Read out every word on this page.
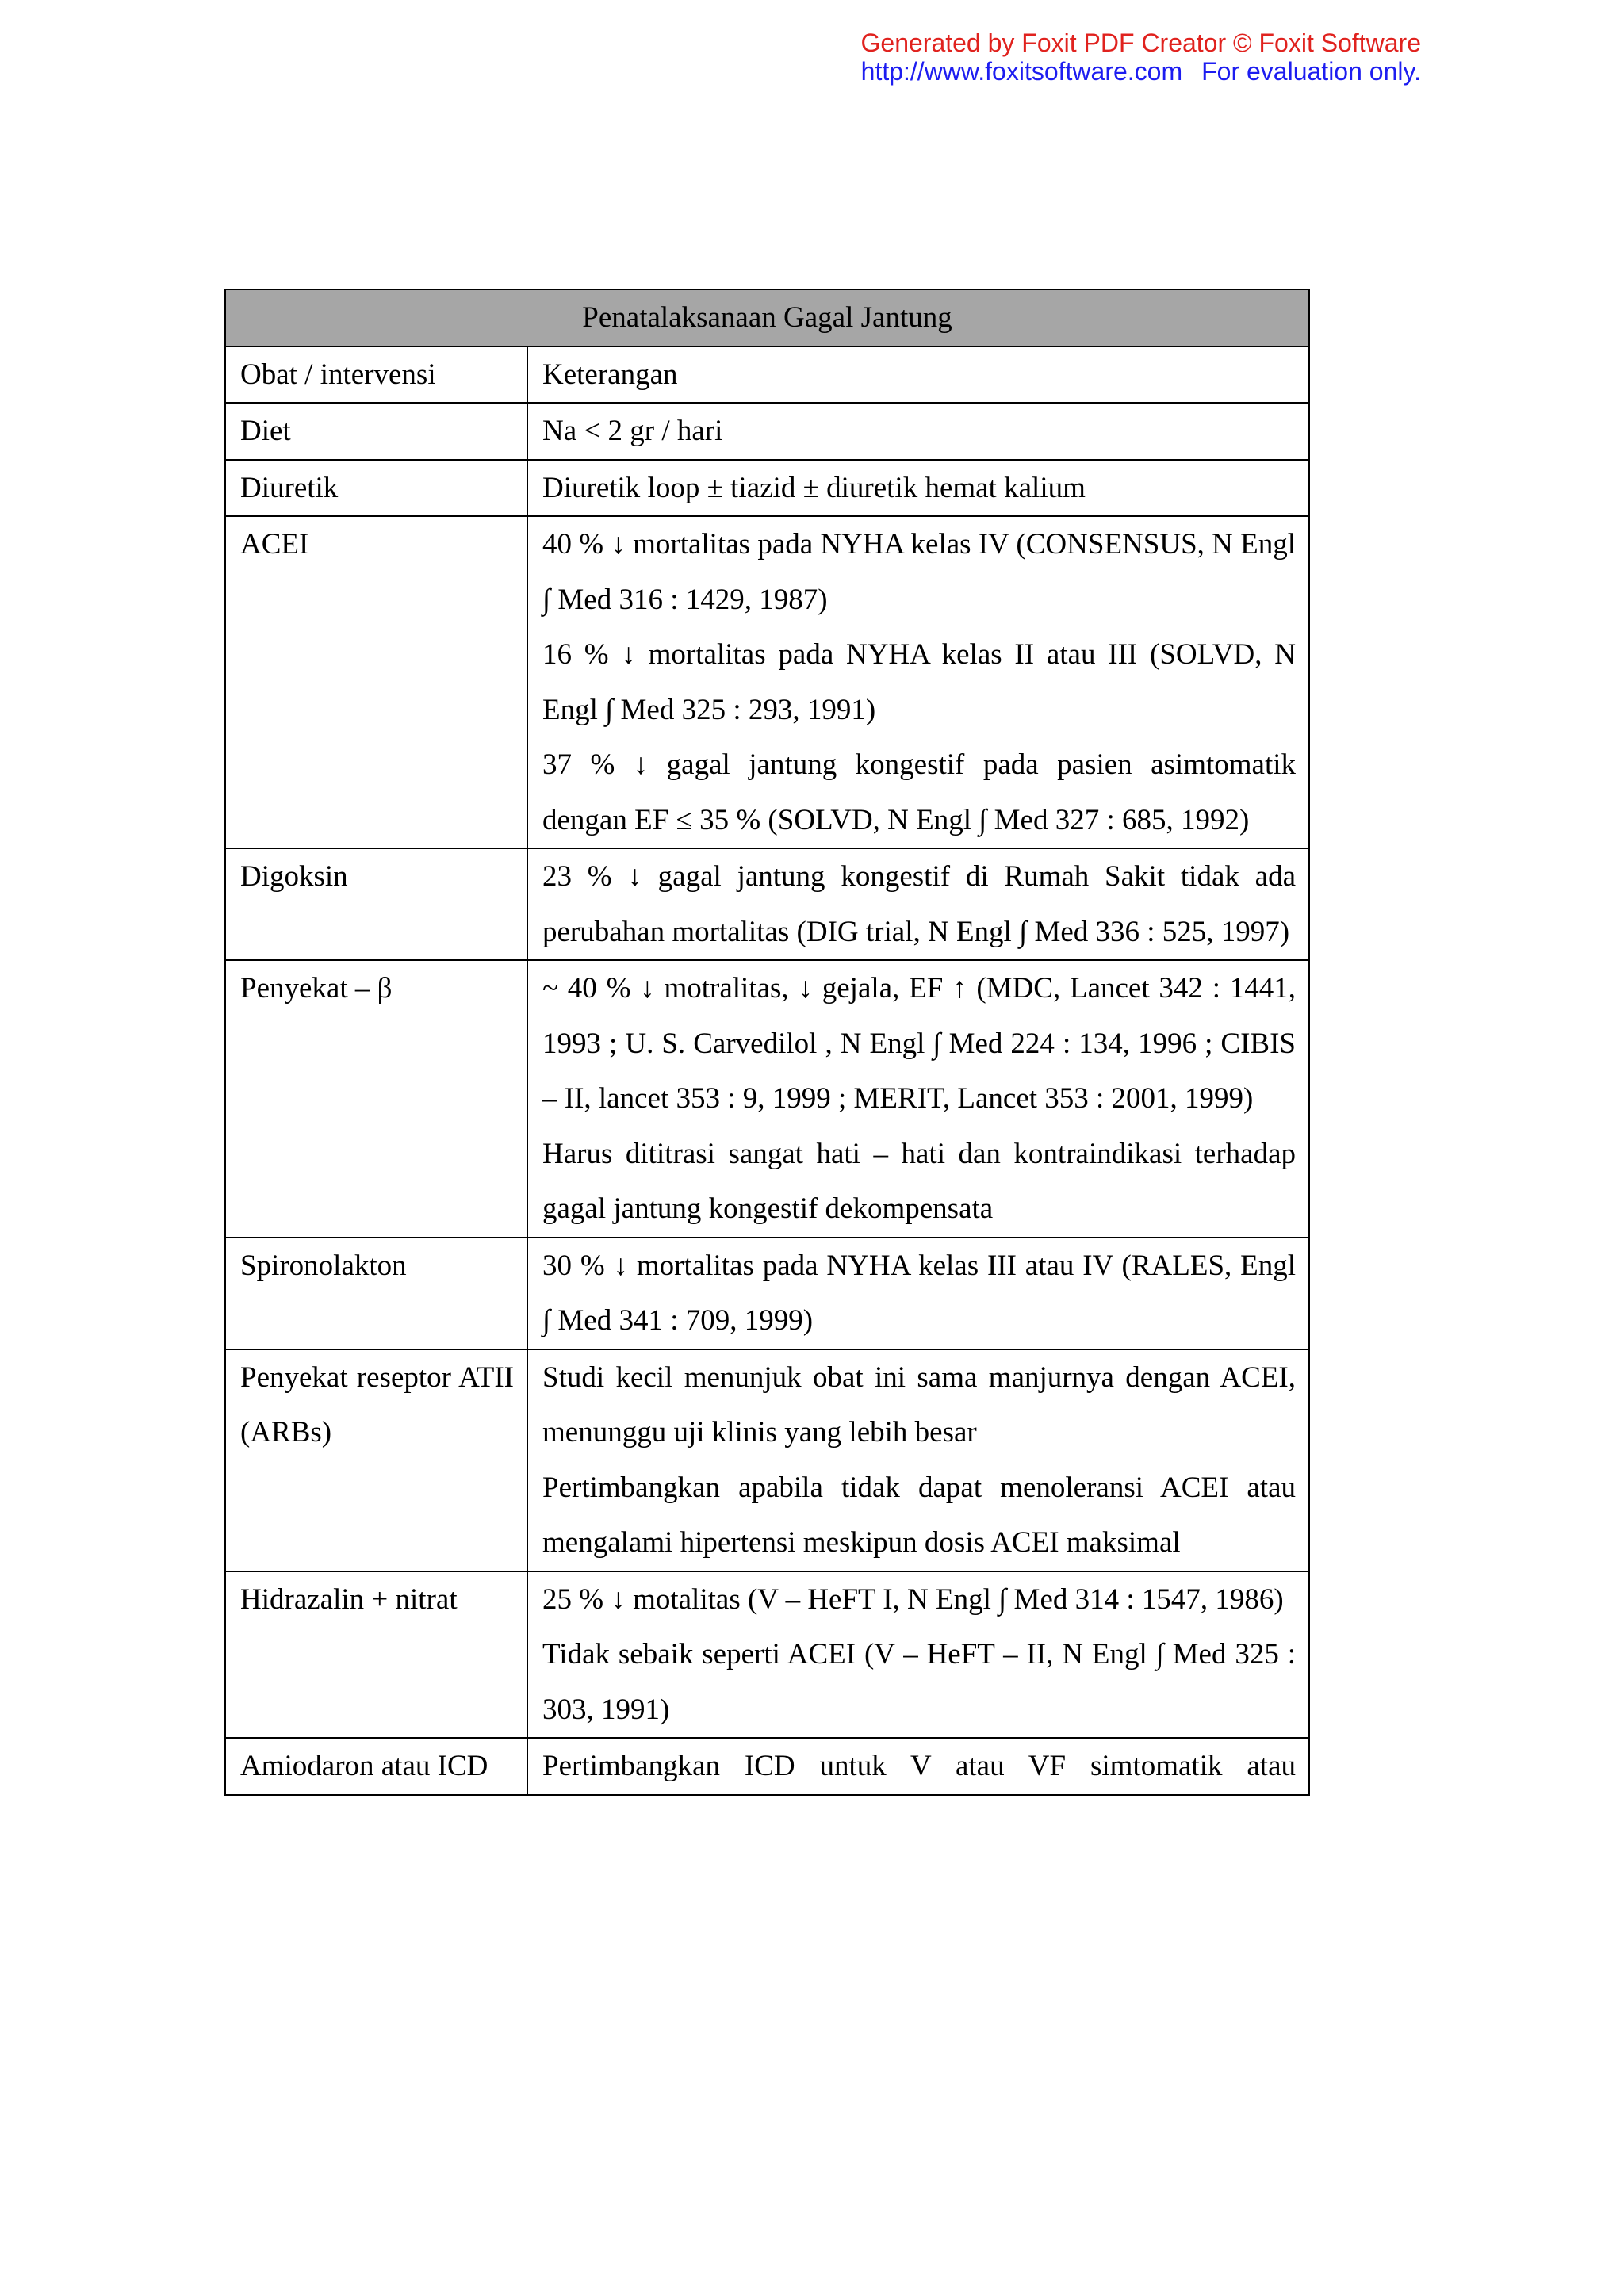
Generated by Foxit PDF Creator © Foxit Software
http://www.foxitsoftware.com For evaluation only.
Penatalaksanaan Gagal Jantung	
Obat / intervensi	Keterangan

Diet	Na < 2 gr / hari

Diuretik	Diuretik loop ± tiazid ± diuretik hemat kalium

ACEI	40 % ↓ mortalitas pada NYHA kelas IV (CONSENSUS, N Engl ∫ Med 316 : 1429, 1987)
16 % ↓ mortalitas pada NYHA kelas II atau III (SOLVD, N Engl ∫ Med 325 : 293, 1991)
37 % ↓ gagal jantung kongestif pada pasien asimtomatik dengan EF ≤ 35 % (SOLVD, N Engl ∫ Med 327 : 685, 1992)

Digoksin	23 % ↓ gagal jantung kongestif di Rumah Sakit tidak ada perubahan mortalitas (DIG trial, N Engl ∫ Med 336 : 525, 1997)

Penyekat – β	~ 40 % ↓ motralitas, ↓ gejala, EF ↑ (MDC, Lancet 342 : 1441, 1993 ; U. S. Carvedilol , N Engl ∫ Med 224 : 134, 1996 ; CIBIS – II, lancet 353 : 9, 1999 ; MERIT, Lancet 353 : 2001, 1999)
Harus dititrasi sangat hati – hati dan kontraindikasi terhadap gagal jantung kongestif dekompensata

Spironolakton	30 % ↓ mortalitas pada NYHA kelas III atau IV (RALES, Engl ∫ Med 341 : 709, 1999)

Penyekat reseptor ATII (ARBs)	Studi kecil menunjuk obat ini sama manjurnya dengan ACEI, menunggu uji klinis yang lebih besar
Pertimbangkan apabila tidak dapat menoleransi ACEI atau mengalami hipertensi meskipun dosis ACEI maksimal

Hidrazalin + nitrat	25 % ↓ motalitas (V – HeFT I, N Engl ∫ Med 314 : 1547, 1986)
Tidak sebaik seperti ACEI (V – HeFT – II, N Engl ∫ Med 325 : 303, 1991)

Amiodaron atau ICD	Pertimbangkan ICD untuk V atau VF simtomatik atau
